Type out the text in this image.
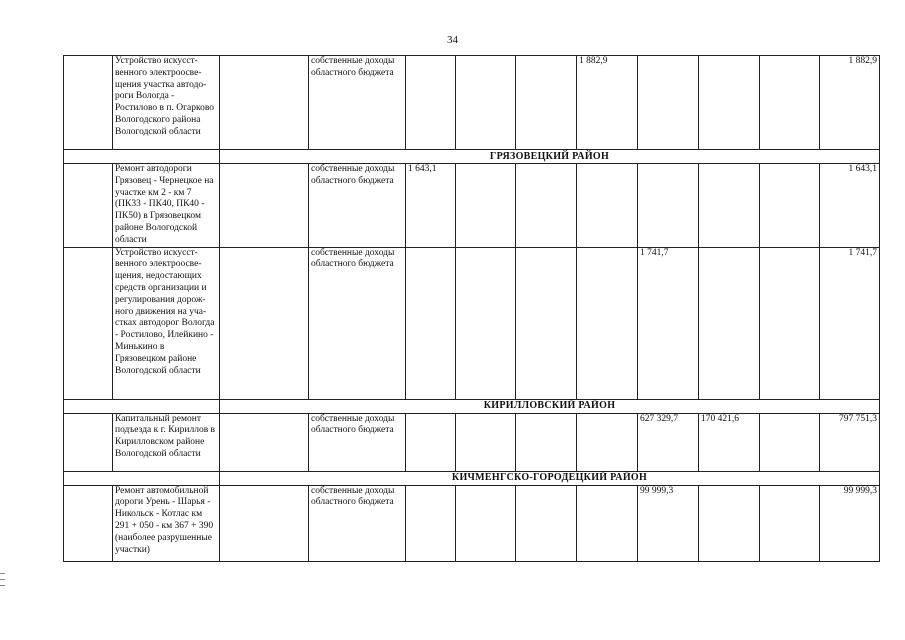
34
	Устройство искусст-венного электроосве-щения участка автодо-роги Вологда - Ростилово в п. Огарково Вологодского района Вологодской области		собственные доходы областного бюджета				1 882,9				1 882,9
		ГРЯЗОВЕЦКИЙ РАЙОН									
	Ремонт автодороги Грязовец - Чернецкое на участке км 2 - км 7 (ПК33 - ПК40, ПК40 - ПК50) в Грязовецком районе Вологодской области		собственные доходы областного бюджета	1 643,1							1 643,1
	Устройство искусст-венного электроосве-щения, недостающих средств организации и регулирования дорож-ного движения на уча-стках автодорог Вологда - Ростилово, Илейкино - Минькино в Грязовецком районе Вологодской области		собственные доходы областного бюджета					1 741,7			1 741,7
		КИРИЛЛОВСКИЙ РАЙОН									
	Капитальный ремонт подъезда к г. Кириллов в Кирилловском районе Вологодской области		собственные доходы областного бюджета					627 329,7	170 421,6		797 751,3
		КИЧМЕНГСКО-ГОРОДЕЦКИЙ РАЙОН									
	Ремонт автомобильной дороги Урень - Шарья - Никольск - Котлас км 291 + 050 - км 367 + 390 (наиболее разрушенные участки)		собственные доходы областного бюджета					99 999,3			99 999,3
